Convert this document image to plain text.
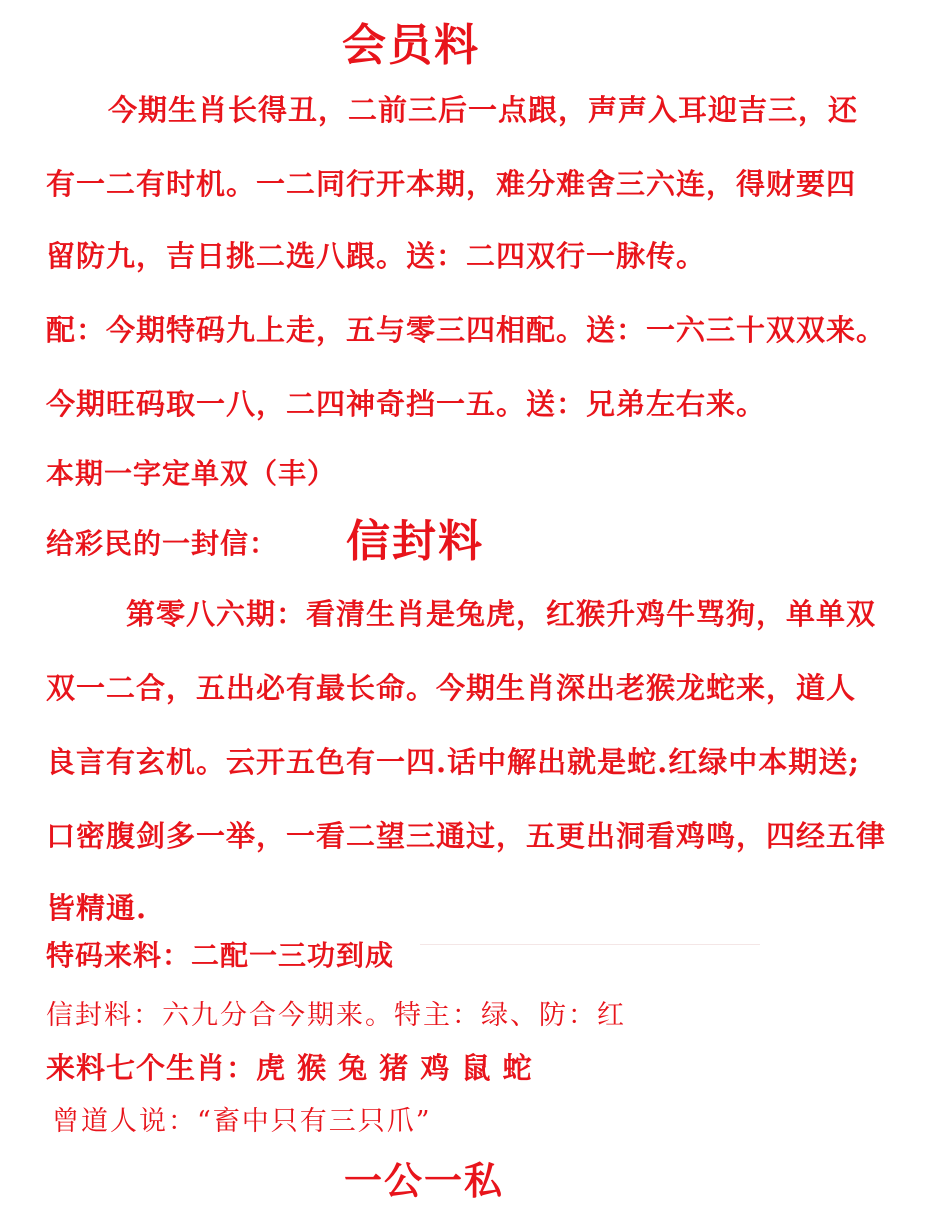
会员料
今期生肖长得丑，二前三后一点跟，声声入耳迎吉三，还
有一二有时机。一二同行开本期，难分难舍三六连，得财要四
留防九，吉日挑二选八跟。送：二四双行一脉传。
配：今期特码九上走，五与零三四相配。送：一六三十双双来。
今期旺码取一八，二四神奇挡一五。送：兄弟左右来。
本期一字定单双（丰）
给彩民的一封信： 信封料
第零八六期：看清生肖是兔虎，红猴升鸡牛骂狗，单单双
双一二合，五出必有最长命。今期生肖深出老猴龙蛇来，道人
良言有玄机。云开五色有一四.话中解出就是蛇.红绿中本期送;
口密腹剑多一举，一看二望三通过，五更出洞看鸡鸣，四经五律
皆精通.
特码来料：二配一三功到成
信封料：六九分合今期来。特主：绿、防：红
来料七个生肖：虎 猴 兔 猪 鸡 鼠 蛇
曾道人说：“畜中只有三只爪”
一公一私
